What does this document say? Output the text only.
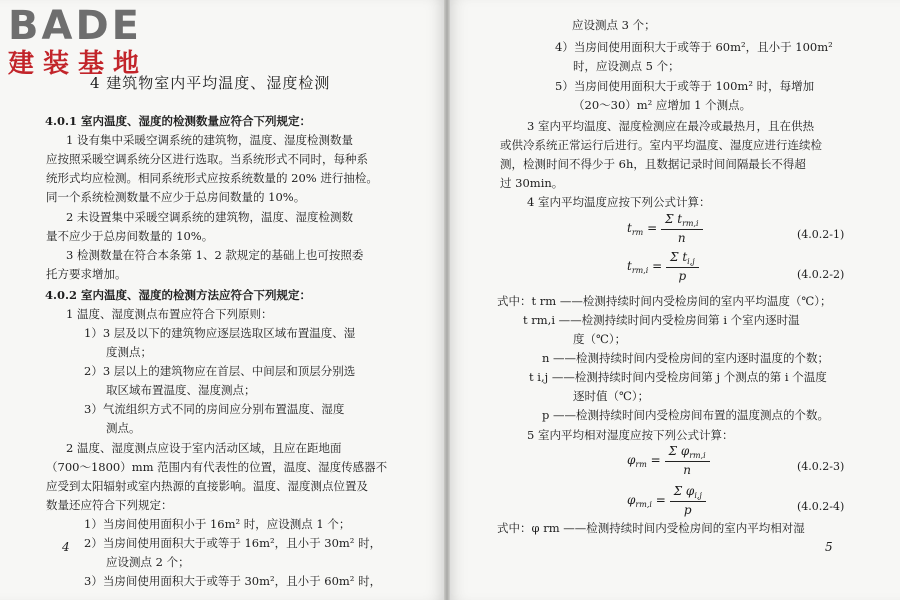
BADE
建装基地
4 建筑物室内平均温度、湿度检测
4.0.1 室内温度、湿度的检测数量应符合下列规定：
1 设有集中采暖空调系统的建筑物，温度、湿度检测数量
应按照采暖空调系统分区进行选取。当系统形式不同时，每种系
统形式均应检测。相同系统形式应按系统数量的 20% 进行抽检。
同一个系统检测数量不应少于总房间数量的 10%。
2 未设置集中采暖空调系统的建筑物，温度、湿度检测数
量不应少于总房间数量的 10%。
3 检测数量在符合本条第 1、2 款规定的基础上也可按照委
托方要求增加。
4.0.2 室内温度、湿度的检测方法应符合下列规定：
1 温度、湿度测点布置应符合下列原则：
1）3 层及以下的建筑物应逐层选取区域布置温度、湿
度测点；
2）3 层以上的建筑物应在首层、中间层和顶层分别选
取区域布置温度、湿度测点；
3）气流组织方式不同的房间应分别布置温度、湿度
测点。
2 温度、湿度测点应设于室内活动区域，且应在距地面
（700～1800）mm 范围内有代表性的位置，温度、湿度传感器不
应受到太阳辐射或室内热源的直接影响。温度、湿度测点位置及
数量还应符合下列规定：
1）当房间使用面积小于 16m² 时，应设测点 1 个；
2）当房间使用面积大于或等于 16m²，且小于 30m² 时，
应设测点 2 个；
3）当房间使用面积大于或等于 30m²，且小于 60m² 时，
4
应设测点 3 个；
4）当房间使用面积大于或等于 60m²，且小于 100m²
时，应设测点 5 个；
5）当房间使用面积大于或等于 100m² 时，每增加
（20～30）m² 应增加 1 个测点。
3 室内平均温度、湿度检测应在最冷或最热月，且在供热
或供冷系统正常运行后进行。室内平均温度、湿度应进行连续检
测，检测时间不得少于 6h，且数据记录时间间隔最长不得超
过 30min。
4 室内平均温度应按下列公式计算：
$t_{rm} = \frac{\Sigma t_{rm,i}}{n}$	(4.0.2-1)
$t_{rm,i} = \frac{\Sigma t_{i,j}}{p}$	(4.0.2-2)
式中：t rm ——检测持续时间内受检房间的室内平均温度（℃）；
t rm,i ——检测持续时间内受检房间第 i 个室内逐时温
度（℃）；
n ——检测持续时间内受检房间的室内逐时温度的个数；
t i,j ——检测持续时间内受检房间第 j 个测点的第 i 个温度
逐时值（℃）；
p ——检测持续时间内受检房间布置的温度测点的个数。
5 室内平均相对湿度应按下列公式计算：
$\varphi_{rm} = \frac{\Sigma \varphi_{rm,i}}{n}$	(4.0.2-3)
$\varphi_{rm,i} = \frac{\Sigma \varphi_{i,j}}{p}$	(4.0.2-4)
式中：φ rm ——检测持续时间内受检房间的室内平均相对湿
5
